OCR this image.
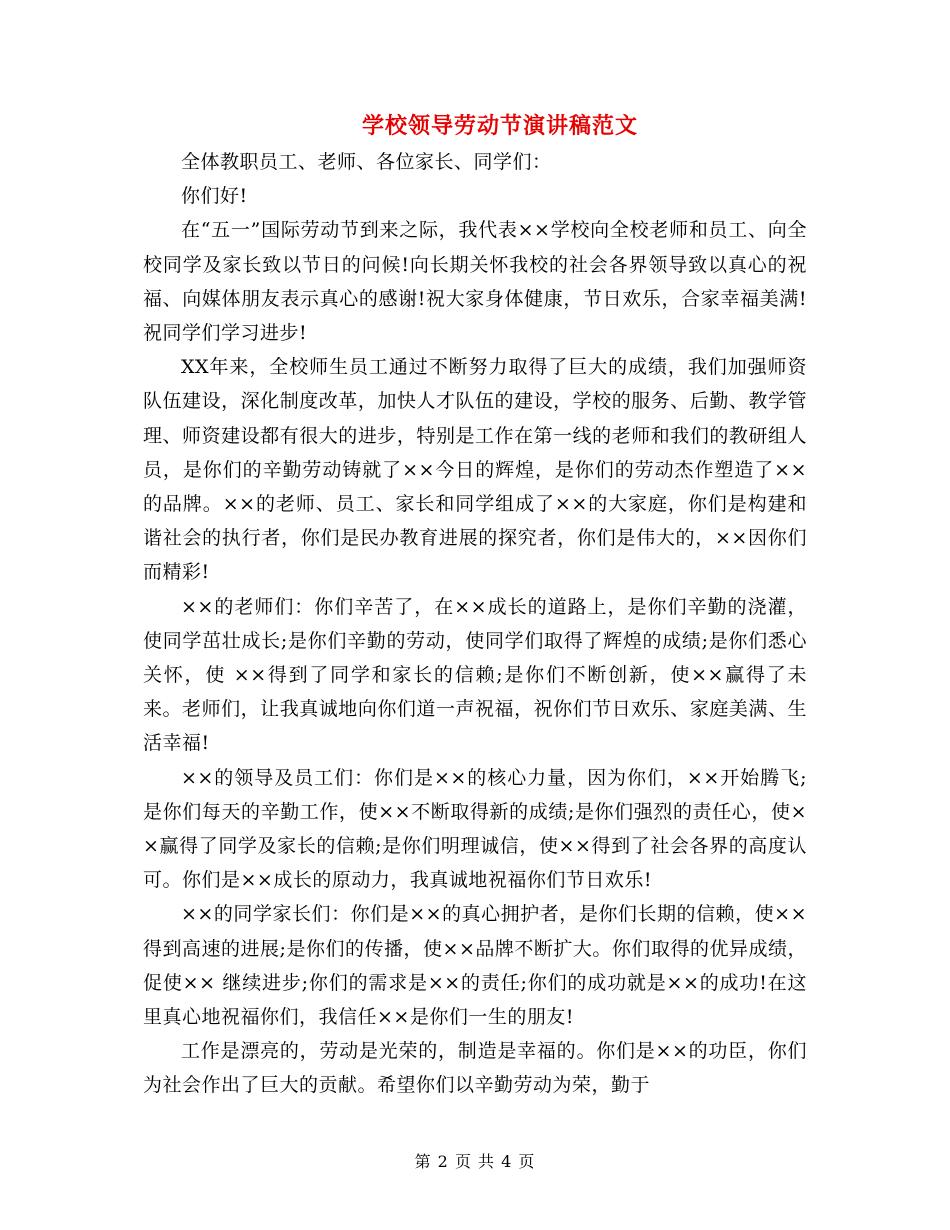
学校领导劳动节演讲稿范文

全体教职员工、老师、各位家长、同学们：

你们好!

在“五一”国际劳动节到来之际，我代表××学校向全校老师和员工、向全校同学及家长致以节日的问候!向长期关怀我校的社会各界领导致以真心的祝福、向媒体朋友表示真心的感谢!祝大家身体健康，节日欢乐，合家幸福美满!祝同学们学习进步!

XX年来，全校师生员工通过不断努力取得了巨大的成绩，我们加强师资队伍建设，深化制度改革，加快人才队伍的建设，学校的服务、后勤、教学管理、师资建设都有很大的进步，特别是工作在第一线的老师和我们的教研组人员，是你们的辛勤劳动铸就了××今日的辉煌，是你们的劳动杰作塑造了××的品牌。××的老师、员工、家长和同学组成了××的大家庭，你们是构建和谐社会的执行者，你们是民办教育进展的探究者，你们是伟大的，××因你们而精彩!

××的老师们：你们辛苦了，在××成长的道路上，是你们辛勤的浇灌，使同学茁壮成长;是你们辛勤的劳动，使同学们取得了辉煌的成绩;是你们悉心关怀，使 ××得到了同学和家长的信赖;是你们不断创新，使××赢得了未来。老师们，让我真诚地向你们道一声祝福，祝你们节日欢乐、家庭美满、生活幸福!

××的领导及员工们：你们是××的核心力量，因为你们，××开始腾飞;是你们每天的辛勤工作，使××不断取得新的成绩;是你们强烈的责任心，使××赢得了同学及家长的信赖;是你们明理诚信，使××得到了社会各界的高度认可。你们是××成长的原动力，我真诚地祝福你们节日欢乐!

××的同学家长们：你们是××的真心拥护者，是你们长期的信赖，使××得到高速的进展;是你们的传播，使××品牌不断扩大。你们取得的优异成绩，促使×× 继续进步;你们的需求是××的责任;你们的成功就是××的成功!在这里真心地祝福你们，我信任××是你们一生的朋友!

工作是漂亮的，劳动是光荣的，制造是幸福的。你们是××的功臣，你们为社会作出了巨大的贡献。希望你们以辛勤劳动为荣，勤于

第 2 页 共 4 页
